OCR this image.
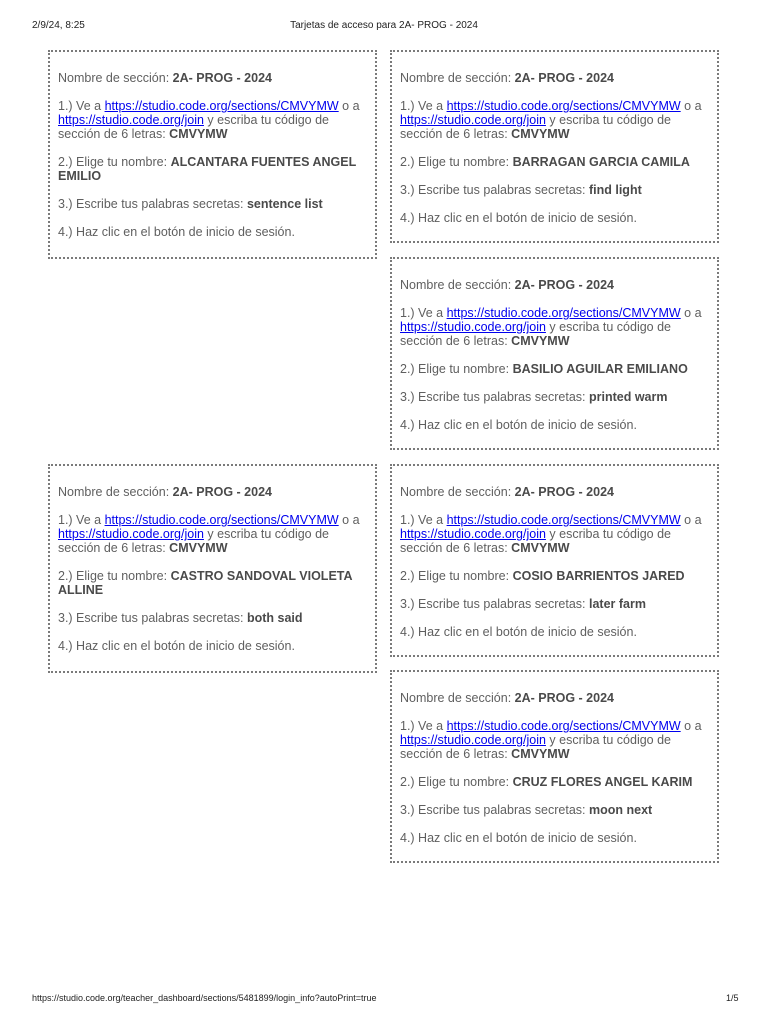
2/9/24, 8:25	Tarjetas de acceso para 2A- PROG - 2024

Nombre de sección: 2A- PROG - 2024

1.) Ve a https://studio.code.org/sections/CMVYMW o a https://studio.code.org/join y escriba tu código de sección de 6 letras: CMVYMW

2.) Elige tu nombre: ALCANTARA FUENTES ANGEL EMILIO

3.) Escribe tus palabras secretas: sentence list

4.) Haz clic en el botón de inicio de sesión.

Nombre de sección: 2A- PROG - 2024

1.) Ve a https://studio.code.org/sections/CMVYMW o a https://studio.code.org/join y escriba tu código de sección de 6 letras: CMVYMW

2.) Elige tu nombre: BARRAGAN GARCIA CAMILA

3.) Escribe tus palabras secretas: find light

4.) Haz clic en el botón de inicio de sesión.

Nombre de sección: 2A- PROG - 2024

1.) Ve a https://studio.code.org/sections/CMVYMW o a https://studio.code.org/join y escriba tu código de sección de 6 letras: CMVYMW

2.) Elige tu nombre: BASILIO AGUILAR EMILIANO

3.) Escribe tus palabras secretas: printed warm

4.) Haz clic en el botón de inicio de sesión.

Nombre de sección: 2A- PROG - 2024

1.) Ve a https://studio.code.org/sections/CMVYMW o a https://studio.code.org/join y escriba tu código de sección de 6 letras: CMVYMW

2.) Elige tu nombre: CASTRO SANDOVAL VIOLETA ALLINE

3.) Escribe tus palabras secretas: both said

4.) Haz clic en el botón de inicio de sesión.

Nombre de sección: 2A- PROG - 2024

1.) Ve a https://studio.code.org/sections/CMVYMW o a https://studio.code.org/join y escriba tu código de sección de 6 letras: CMVYMW

2.) Elige tu nombre: COSIO BARRIENTOS JARED

3.) Escribe tus palabras secretas: later farm

4.) Haz clic en el botón de inicio de sesión.

Nombre de sección: 2A- PROG - 2024

1.) Ve a https://studio.code.org/sections/CMVYMW o a https://studio.code.org/join y escriba tu código de sección de 6 letras: CMVYMW

2.) Elige tu nombre: CRUZ FLORES ANGEL KARIM

3.) Escribe tus palabras secretas: moon next

4.) Haz clic en el botón de inicio de sesión.

https://studio.code.org/teacher_dashboard/sections/5481899/login_info?autoPrint=true	1/5
